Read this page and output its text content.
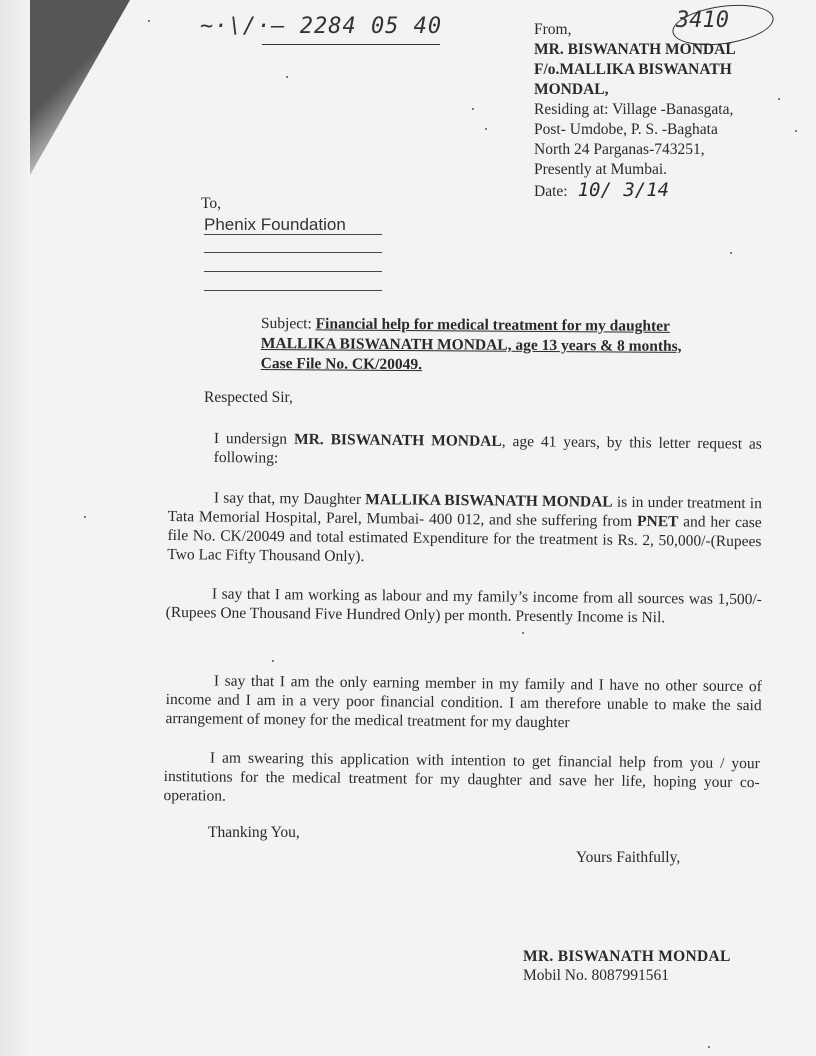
~·\/·— 2284 05 40	3410
From,
MR. BISWANATH MONDAL
F/o.MALLIKA BISWANATH
MONDAL,
Residing at: Village -Banasgata,
Post- Umdobe, P. S. -Baghata
North 24 Parganas-743251,
Presently at Mumbai.
Date: 10/ 3/14
To,
Phenix Foundation
Subject: Financial help for medical treatment for my daughter
MALLIKA BISWANATH MONDAL, age 13 years & 8 months,
Case File No. CK/20049.
Respected Sir,
I undersign MR. BISWANATH MONDAL, age 41 years, by this letter request as following:
I say that, my Daughter MALLIKA BISWANATH MONDAL is in under treatment in Tata Memorial Hospital, Parel, Mumbai- 400 012, and she suffering from PNET and her case file No. CK/20049 and total estimated Expenditure for the treatment is Rs. 2, 50,000/-(Rupees Two Lac Fifty Thousand Only).
I say that I am working as labour and my family’s income from all sources was 1,500/- (Rupees One Thousand Five Hundred Only) per month. Presently Income is Nil.
I say that I am the only earning member in my family and I have no other source of income and I am in a very poor financial condition. I am therefore unable to make the said arrangement of money for the medical treatment for my daughter
I am swearing this application with intention to get financial help from you / your institutions for the medical treatment for my daughter and save her life, hoping your co-operation.
Thanking You,
Yours Faithfully,
MR. BISWANATH MONDAL
Mobil No. 8087991561
